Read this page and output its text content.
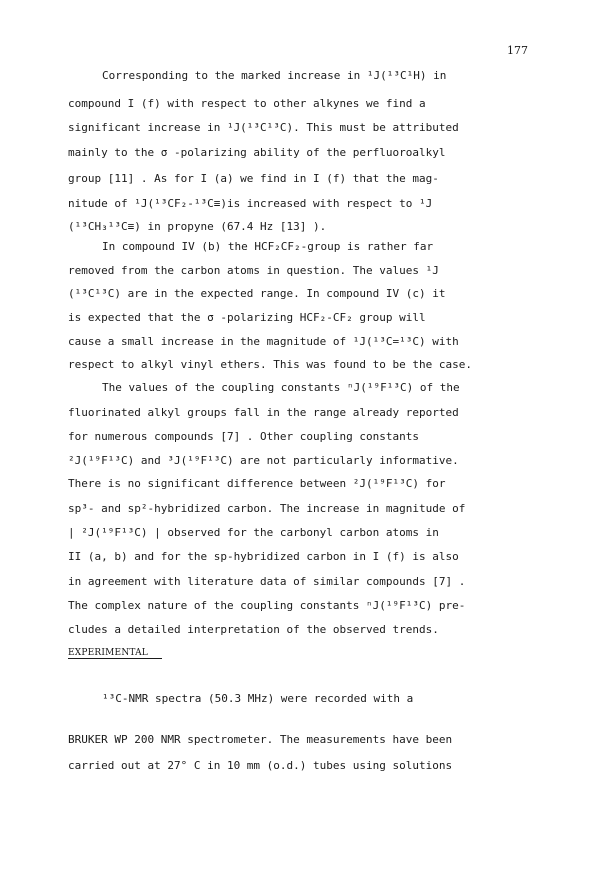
177
Corresponding to the marked increase in ¹J(¹³C¹H) in
compound I (f) with respect to other alkynes we find a
significant increase in ¹J(¹³C¹³C). This must be attributed
mainly to the σ -polarizing ability of the perfluoroalkyl
group [11] . As for I (a) we find in I (f) that the mag-
nitude of ¹J(¹³CF₂-¹³C≡)is increased with respect to ¹J
(¹³CH₃¹³C≡) in propyne (67.4 Hz [13] ).
In compound IV (b) the HCF₂CF₂-group is rather far
removed from the carbon atoms in question. The values ¹J
(¹³C¹³C) are in the expected range. In compound IV (c) it
is expected that the σ -polarizing HCF₂-CF₂ group will
cause a small increase in the magnitude of ¹J(¹³C=¹³C) with
respect to alkyl vinyl ethers. This was found to be the case.
The values of the coupling constants ⁿJ(¹⁹F¹³C) of the
fluorinated alkyl groups fall in the range already reported
for numerous compounds [7] . Other coupling constants
²J(¹⁹F¹³C) and ³J(¹⁹F¹³C) are not particularly informative.
There is no significant difference between ²J(¹⁹F¹³C) for
sp³- and sp²-hybridized carbon. The increase in magnitude of
| ²J(¹⁹F¹³C) | observed for the carbonyl carbon atoms in
II (a, b) and for the sp-hybridized carbon in I (f) is also
in agreement with literature data of similar compounds [7] .
The complex nature of the coupling constants ⁿJ(¹⁹F¹³C) pre-
cludes a detailed interpretation of the observed trends.
EXPERIMENTAL
¹³C-NMR spectra (50.3 MHz) were recorded with a
BRUKER WP 200 NMR spectrometer. The measurements have been
carried out at 27° C in 10 mm (o.d.) tubes using solutions
